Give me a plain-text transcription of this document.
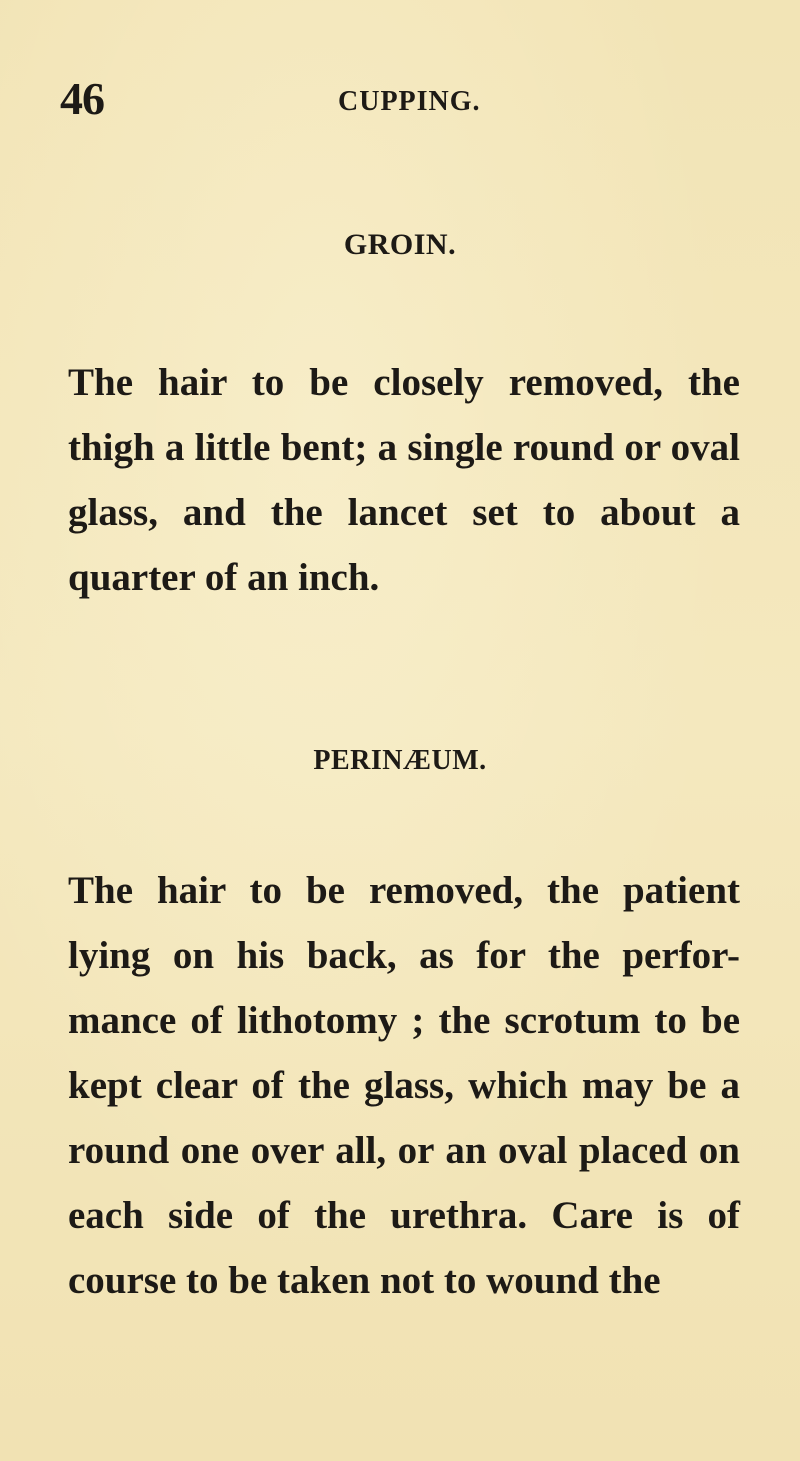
46	CUPPING.
GROIN.
The hair to be closely removed, the thigh a little bent; a single round or oval glass, and the lancet set to about a quarter of an inch.
PERINÆUM.
The hair to be removed, the patient lying on his back, as for the perfor-mance of lithotomy ; the scrotum to be kept clear of the glass, which may be a round one over all, or an oval placed on each side of the urethra. Care is of course to be taken not to wound the
